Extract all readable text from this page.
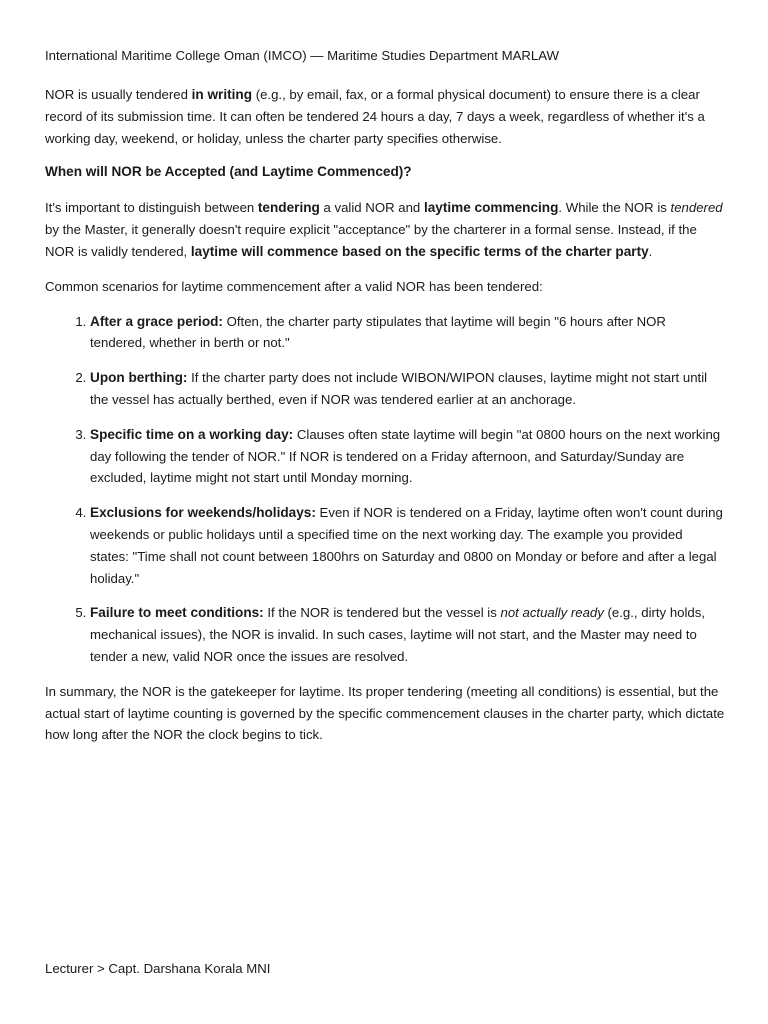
International Maritime College Oman (IMCO) — Maritime Studies Department MARLAW

NOR is usually tendered in writing (e.g., by email, fax, or a formal physical document) to ensure there is a clear record of its submission time. It can often be tendered 24 hours a day, 7 days a week, regardless of whether it's a working day, weekend, or holiday, unless the charter party specifies otherwise.

When will NOR be Accepted (and Laytime Commenced)?

It's important to distinguish between tendering a valid NOR and laytime commencing. While the NOR is tendered by the Master, it generally doesn't require explicit "acceptance" by the charterer in a formal sense. Instead, if the NOR is validly tendered, laytime will commence based on the specific terms of the charter party.

Common scenarios for laytime commencement after a valid NOR has been tendered:

1. After a grace period: Often, the charter party stipulates that laytime will begin "6 hours after NOR tendered, whether in berth or not."
2. Upon berthing: If the charter party does not include WIBON/WIPON clauses, laytime might not start until the vessel has actually berthed, even if NOR was tendered earlier at an anchorage.
3. Specific time on a working day: Clauses often state laytime will begin "at 0800 hours on the next working day following the tender of NOR." If NOR is tendered on a Friday afternoon, and Saturday/Sunday are excluded, laytime might not start until Monday morning.
4. Exclusions for weekends/holidays: Even if NOR is tendered on a Friday, laytime often won't count during weekends or public holidays until a specified time on the next working day. The example you provided states: "Time shall not count between 1800hrs on Saturday and 0800 on Monday or before and after a legal holiday."
5. Failure to meet conditions: If the NOR is tendered but the vessel is not actually ready (e.g., dirty holds, mechanical issues), the NOR is invalid. In such cases, laytime will not start, and the Master may need to tender a new, valid NOR once the issues are resolved.

In summary, the NOR is the gatekeeper for laytime. Its proper tendering (meeting all conditions) is essential, but the actual start of laytime counting is governed by the specific commencement clauses in the charter party, which dictate how long after the NOR the clock begins to tick.

Lecturer > Capt. Darshana Korala MNI
